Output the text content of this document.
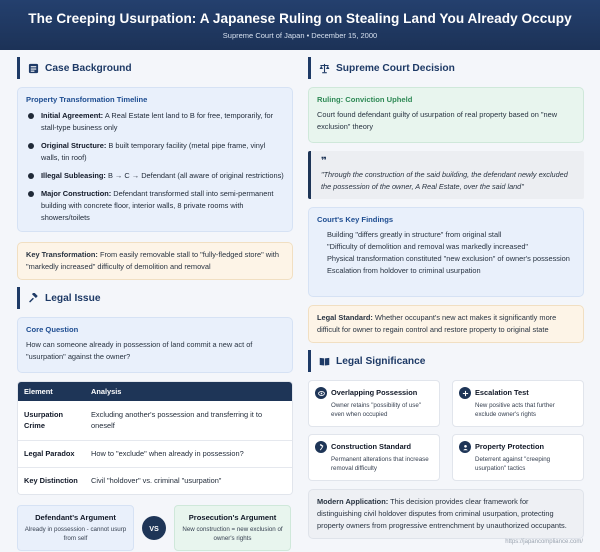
The Creeping Usurpation: A Japanese Ruling on Stealing Land You Already Occupy
Supreme Court of Japan • December 15, 2000
Case Background
Property Transformation Timeline
Initial Agreement: A Real Estate lent land to B for free, temporarily, for stall-type business only
Original Structure: B built temporary facility (metal pipe frame, vinyl walls, tin roof)
Illegal Subleasing: B → C → Defendant (all aware of original restrictions)
Major Construction: Defendant transformed stall into semi-permanent building with concrete floor, interior walls, 8 private rooms with showers/toilets
Key Transformation: From easily removable stall to "fully-fledged store" with "markedly increased" difficulty of demolition and removal
Legal Issue
Core Question
How can someone already in possession of land commit a new act of "usurpation" against the owner?
Element	Analysis
Usurpation Crime	Excluding another's possession and transferring it to oneself
Legal Paradox	How to "exclude" when already in possession?
Key Distinction	Civil "holdover" vs. criminal "usurpation"
Defendant's Argument
Already in possession - cannot usurp from self
VS
Prosecution's Argument
New construction = new exclusion of owner's rights
Supreme Court Decision
Ruling: Conviction Upheld
Court found defendant guilty of usurpation of real property based on "new exclusion" theory
❞
"Through the construction of the said building, the defendant newly excluded the possession of the owner, A Real Estate, over the said land"
Court's Key Findings
Building "differs greatly in structure" from original stall
"Difficulty of demolition and removal was markedly increased"
Physical transformation constituted "new exclusion" of owner's possession
Escalation from holdover to criminal usurpation
Legal Standard: Whether occupant's new act makes it significantly more difficult for owner to regain control and restore property to original state
Legal Significance
Overlapping Possession
Owner retains "possibility of use" even when occupied
Escalation Test
New positive acts that further exclude owner's rights
Construction Standard
Permanent alterations that increase removal difficulty
Property Protection
Deterrent against "creeping usurpation" tactics
Modern Application: This decision provides clear framework for distinguishing civil holdover disputes from criminal usurpation, protecting property owners from progressive entrenchment by unauthorized occupants.
https://japancompliance.com/
